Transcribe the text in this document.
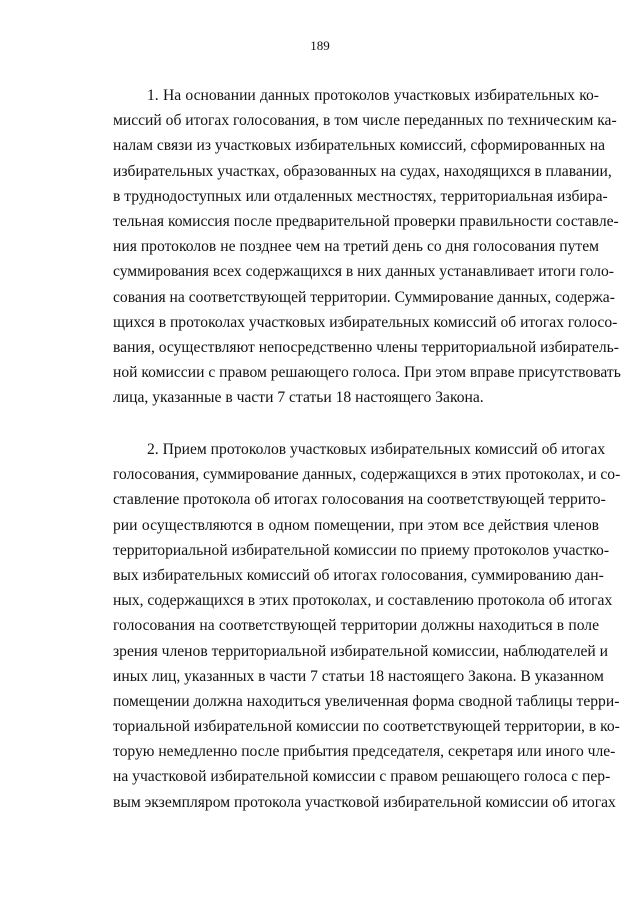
189
1. На основании данных протоколов участковых избирательных ко-
миссий об итогах голосования, в том числе переданных по техническим ка-
налам связи из участковых избирательных комиссий, сформированных на
избирательных участках, образованных на судах, находящихся в плавании,
в труднодоступных или отдаленных местностях, территориальная избира-
тельная комиссия после предварительной проверки правильности составле-
ния протоколов не позднее чем на третий день со дня голосования путем
суммирования всех содержащихся в них данных устанавливает итоги голо-
сования на соответствующей территории. Суммирование данных, содержа-
щихся в протоколах участковых избирательных комиссий об итогах голосо-
вания, осуществляют непосредственно члены территориальной избиратель-
ной комиссии с правом решающего голоса. При этом вправе присутствовать
лица, указанные в части 7 статьи 18 настоящего Закона.
2. Прием протоколов участковых избирательных комиссий об итогах
голосования, суммирование данных, содержащихся в этих протоколах, и со-
ставление протокола об итогах голосования на соответствующей террито-
рии осуществляются в одном помещении, при этом все действия членов
территориальной избирательной комиссии по приему протоколов участко-
вых избирательных комиссий об итогах голосования, суммированию дан-
ных, содержащихся в этих протоколах, и составлению протокола об итогах
голосования на соответствующей территории должны находиться в поле
зрения членов территориальной избирательной комиссии, наблюдателей и
иных лиц, указанных в части 7 статьи 18 настоящего Закона. В указанном
помещении должна находиться увеличенная форма сводной таблицы терри-
ториальной избирательной комиссии по соответствующей территории, в ко-
торую немедленно после прибытия председателя, секретаря или иного чле-
на участковой избирательной комиссии с правом решающего голоса с пер-
вым экземпляром протокола участковой избирательной комиссии об итогах
